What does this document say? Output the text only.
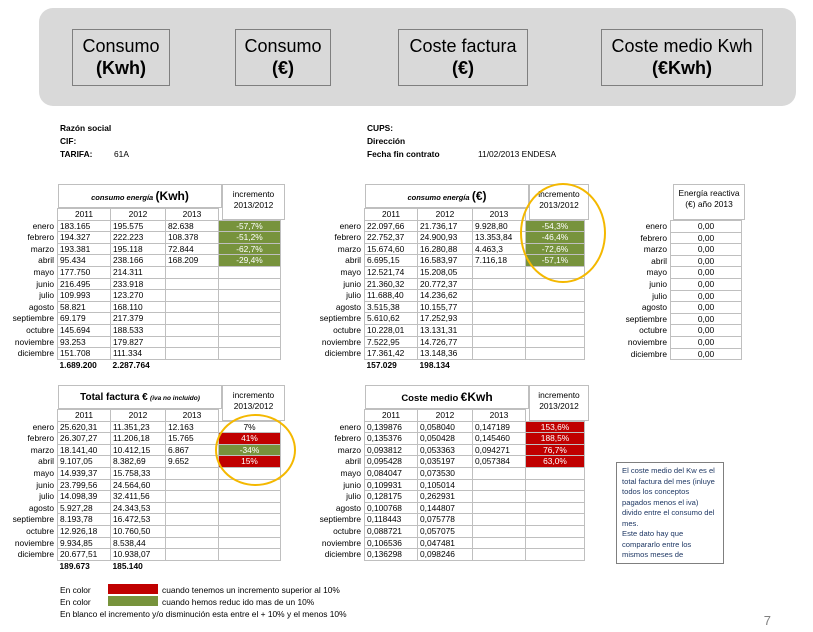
Consumo
(Kwh)
Consumo
(€)
Coste factura
(€)
Coste medio Kwh
(€Kwh)
Razón social
CIF:
TARIFA:	61A
CUPS:
Dirección
Fecha fin contrato	11/02/2013 ENDESA
consumo energía (Kwh)	incremento 2013/2012
	2011	2012	2013	
enero	183.165	195.575	82.638	-57,7%
febrero	194.327	222.223	108.378	-51,2%
marzo	193.381	195.118	72.844	-62,7%
abril	95.434	238.166	168.209	-29,4%
mayo	177.750	214.311		
junio	216.495	233.918		
julio	109.993	123.270		
agosto	58.821	168.110		
septiembre	69.179	217.379		
octubre	145.694	188.533		
noviembre	93.253	179.827		
diciembre	151.708	111.334		
	1.689.200	2.287.764		
consumo energía (€)	incremento 2013/2012
	2011	2012	2013	
enero	22.097,66	21.736,17	9.928,80	-54,3%
febrero	22.752,37	24.900,93	13.353,84	-46,4%
marzo	15.674,60	16.280,88	4.463,3	-72,6%
abril	6.695,15	16.583,97	7.116,18	-57,1%
mayo	12.521,74	15.208,05		
junio	21.360,32	20.772,37		
julio	11.688,40	14.236,62		
agosto	3.515,38	10.155,77		
septiembre	5.610,62	17.252,93		
octubre	10.228,01	13.131,31		
noviembre	7.522,95	14.726,77		
diciembre	17.361,42	13.148,36		
	157.029	198.134		
Energía reactiva (€) año 2013
enero	0,00
febrero	0,00
marzo	0,00
abril	0,00
mayo	0,00
junio	0,00
julio	0,00
agosto	0,00
septiembre	0,00
octubre	0,00
noviembre	0,00
diciembre	0,00
Total factura € (iva no incluido)	incremento 2013/2012
	2011	2012	2013	
enero	25.620,31	11.351,23	12.163	7%
febrero	26.307,27	11.206,18	15.765	41%
marzo	18.141,40	10.412,15	6.867	-34%
abril	9.107,05	8.382,69	9.652	15%
mayo	14.939,37	15.758,33		
junio	23.799,56	24.564,60		
julio	14.098,39	32.411,56		
agosto	5.927,28	24.343,53		
septiembre	8.193,78	16.472,53		
octubre	12.926,18	10.760,50		
noviembre	9.934,85	8.538,44		
diciembre	20.677,51	10.938,07		
	189.673	185.140		
Coste medio €Kwh	incremento 2013/2012
	2011	2012	2013	
enero	0,139876	0,058040	0,147189	153,6%
febrero	0,135376	0,050428	0,145460	188,5%
marzo	0,093812	0,053363	0,094271	76,7%
abril	0,095428	0,035197	0,057384	63,0%
mayo	0,084047	0,073530		
junio	0,109931	0,105014		
julio	0,128175	0,262931		
agosto	0,100768	0,144807		
septiembre	0,118443	0,075778		
octubre	0,088721	0,057075		
noviembre	0,106536	0,047481		
diciembre	0,136298	0,098246		
El coste medio del Kw es el total factura del mes (inluye todos los conceptos pagados menos el iva) divido entre el consumo del mes.
Este dato hay que compararlo entre los mismos meses de
En color	cuando tenemos un incremento superior al 10%
En color	cuando hemos reduc ido mas de un 10%
En blanco el incremento y/o disminución esta entre el + 10% y el menos 10%	7
